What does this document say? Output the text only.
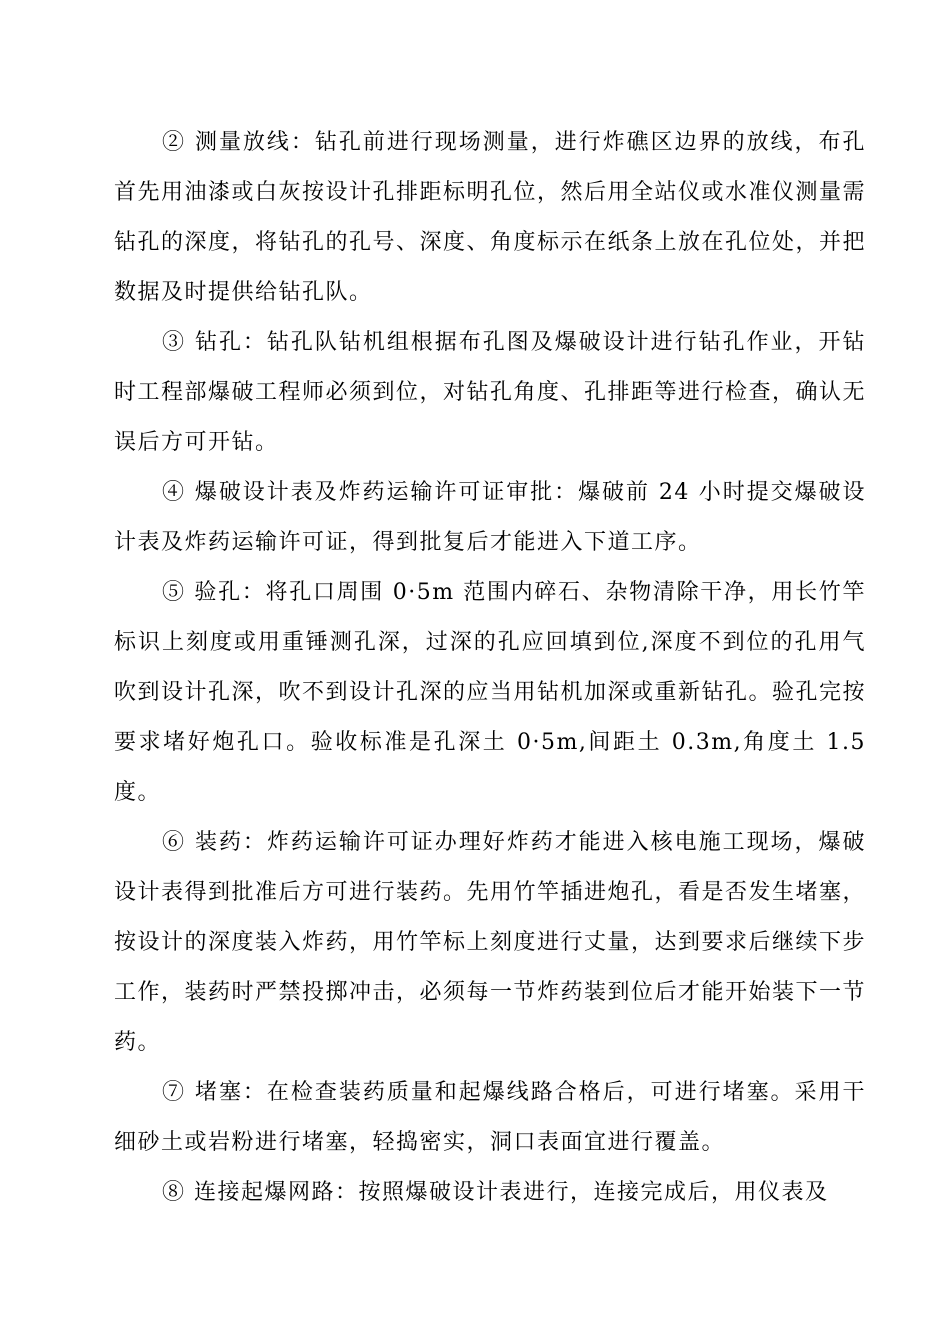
② 测量放线：钻孔前进行现场测量，进行炸礁区边界的放线，布孔首先用油漆或白灰按设计孔排距标明孔位，然后用全站仪或水准仪测量需钻孔的深度，将钻孔的孔号、深度、角度标示在纸条上放在孔位处，并把数据及时提供给钻孔队。

③ 钻孔：钻孔队钻机组根据布孔图及爆破设计进行钻孔作业，开钻时工程部爆破工程师必须到位，对钻孔角度、孔排距等进行检查，确认无误后方可开钻。

④ 爆破设计表及炸药运输许可证审批：爆破前 24 小时提交爆破设计表及炸药运输许可证，得到批复后才能进入下道工序。

⑤ 验孔：将孔口周围 0·5m 范围内碎石、杂物清除干净，用长竹竿标识上刻度或用重锤测孔深，过深的孔应回填到位,深度不到位的孔用气吹到设计孔深，吹不到设计孔深的应当用钻机加深或重新钻孔。验孔完按要求堵好炮孔口。验收标准是孔深土 0·5m,间距土 0.3m,角度土 1.5 度。

⑥ 装药：炸药运输许可证办理好炸药才能进入核电施工现场，爆破设计表得到批准后方可进行装药。先用竹竿插进炮孔，看是否发生堵塞，按设计的深度装入炸药，用竹竿标上刻度进行丈量，达到要求后继续下步工作，装药时严禁投掷冲击，必须每一节炸药装到位后才能开始装下一节药。

⑦ 堵塞：在检查装药质量和起爆线路合格后，可进行堵塞。采用干细砂土或岩粉进行堵塞，轻捣密实，洞口表面宜进行覆盖。

⑧ 连接起爆网路：按照爆破设计表进行，连接完成后，用仪表及
